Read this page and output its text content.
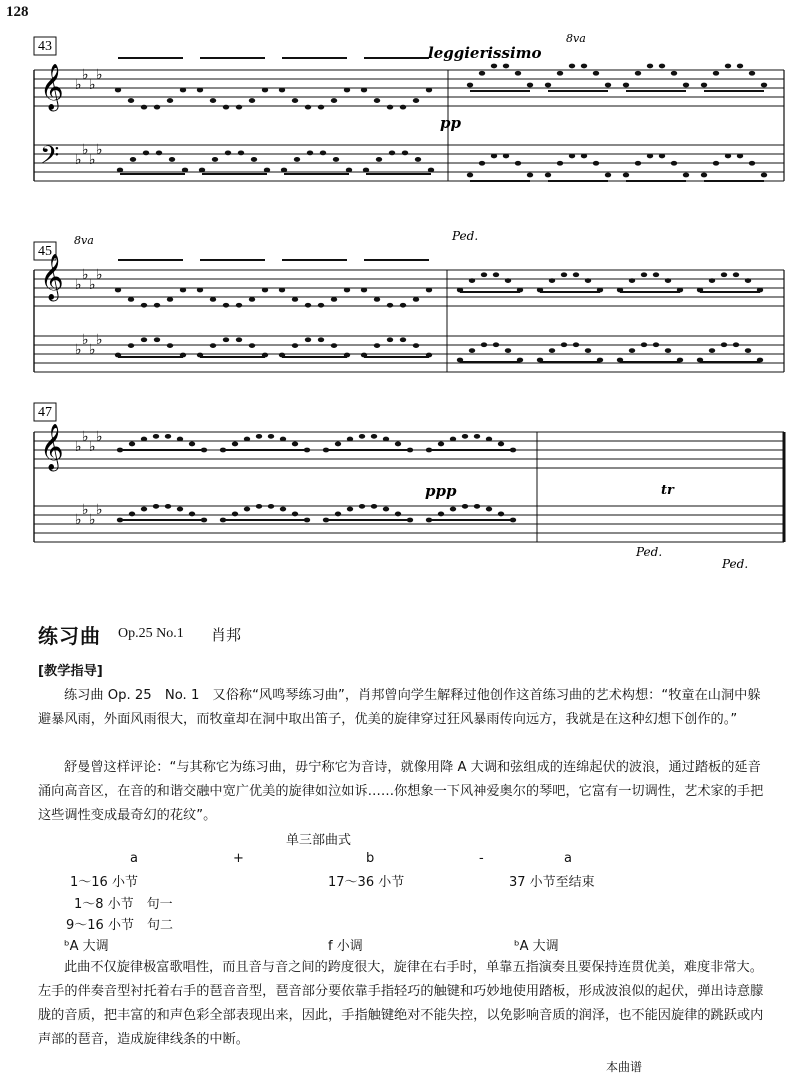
128
𝄞
𝄞
𝄞
𝄢
♭
♭
♭
♭
♭
♭
♭
♭
♭
♭
♭
♭
♭
♭
♭
♭
♭
♭
♭
♭
♭
♭
♭
♭
43
45
47
leggierissimo
8va
8va
pp
ppp	tr
Ped.
Ped.
Ped.
练习曲 Op.25 No.1 肖邦
[教学指导]
练习曲 Op. 25　No. 1　又俗称“风鸣琴练习曲”，肖邦曾向学生解释过他创作这首练习曲的艺术构想：“牧童在山洞中躲避暴风雨，外面风雨很大，而牧童却在洞中取出笛子，优美的旋律穿过狂风暴雨传向远方，我就是在这种幻想下创作的。”
舒曼曾这样评论：“与其称它为练习曲，毋宁称它为音诗，就像用降 A 大调和弦组成的连绵起伏的波浪，通过踏板的延音涌向高音区，在音的和谐交融中宽广优美的旋律如泣如诉……你想象一下风神爱奥尔的琴吧，它富有一切调性，艺术家的手把这些调性变成最奇幻的花纹”。
单三部曲式
a	+	b	-	a
1～16 小节	17～36 小节	37 小节至结束
1～8 小节　句一
9～16 小节　句二
ᵇA 大调	f 小调	ᵇA 大调
此曲不仅旋律极富歌唱性，而且音与音之间的跨度很大，旋律在右手时，单靠五指演奏且要保持连贯优美，难度非常大。左手的伴奏音型衬托着右手的琶音音型，琶音部分要依靠手指轻巧的触键和巧妙地使用踏板，形成波浪似的起伏，弹出诗意朦胧的音质，把丰富的和声色彩全部表现出来，因此，手指触键绝对不能失控，以免影响音质的润泽，也不能因旋律的跳跃或内声部的琶音，造成旋律线条的中断。
本曲谱
